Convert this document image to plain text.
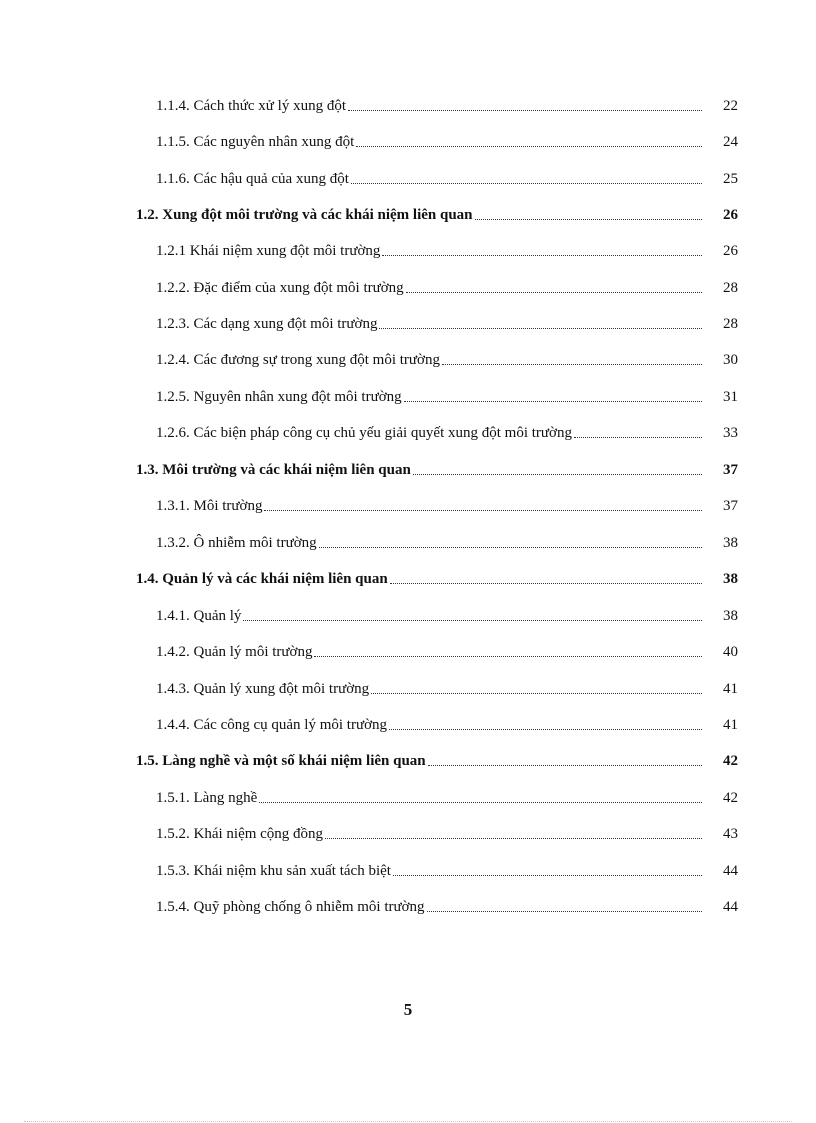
1.1.4. Cách thức xử lý xung đột	22
1.1.5. Các nguyên nhân xung đột	24
1.1.6. Các hậu quả của xung đột	25
1.2. Xung đột môi trường và các khái niệm liên quan	26
1.2.1 Khái niệm xung đột môi trường	26
1.2.2. Đặc điểm của xung đột môi trường	28
1.2.3. Các dạng xung đột môi trường	28
1.2.4. Các đương sự trong xung đột môi trường	30
1.2.5. Nguyên nhân xung đột môi trường	31
1.2.6. Các biện pháp công cụ chủ yếu giải quyết xung đột môi trường	33
1.3. Môi trường và các khái niệm liên quan	37
1.3.1. Môi trường	37
1.3.2. Ô nhiễm môi trường	38
1.4. Quản lý và các khái niệm liên quan	38
1.4.1. Quản lý	38
1.4.2. Quản lý môi trường	40
1.4.3. Quản lý xung đột môi trường	41
1.4.4. Các công cụ quản lý môi trường	41
1.5. Làng nghề và một số khái niệm liên quan	42
1.5.1. Làng nghề	42
1.5.2. Khái niệm cộng đồng	43
1.5.3. Khái niệm khu sản xuất tách biệt	44
1.5.4. Quỹ phòng chống ô nhiễm môi trường	44
5
